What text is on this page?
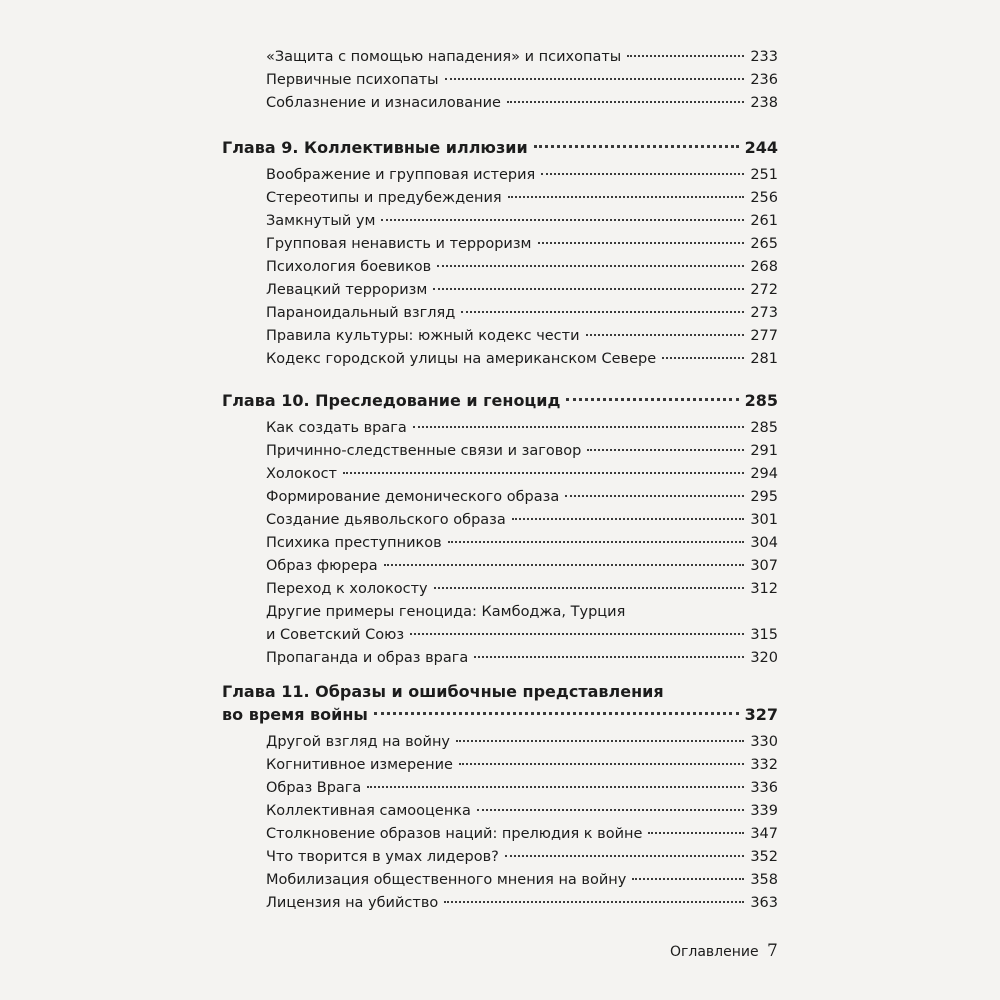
«Защита с помощью нападения» и психопаты	233
Первичные психопаты	236
Соблазнение и изнасилование	238
Глава 9. Коллективные иллюзии	244
Воображение и групповая истерия	251
Стереотипы и предубеждения	256
Замкнутый ум	261
Групповая ненависть и терроризм	265
Психология боевиков	268
Левацкий терроризм	272
Параноидальный взгляд	273
Правила культуры: южный кодекс чести	277
Кодекс городской улицы на американском Севере	281
Глава 10. Преследование и геноцид	285
Как создать врага	285
Причинно-следственные связи и заговор	291
Холокост	294
Формирование демонического образа	295
Создание дьявольского образа	301
Психика преступников	304
Образ фюрера	307
Переход к холокосту	312
Другие примеры геноцида: Камбоджа, Турция
и Советский Союз	315
Пропаганда и образ врага	320
Глава 11. Образы и ошибочные представления
во время войны	327
Другой взгляд на войну	330
Когнитивное измерение	332
Образ Врага	336
Коллективная самооценка	339
Столкновение образов наций: прелюдия к войне	347
Что творится в умах лидеров?	352
Мобилизация общественного мнения на войну	358
Лицензия на убийство	363
Оглавление 7
